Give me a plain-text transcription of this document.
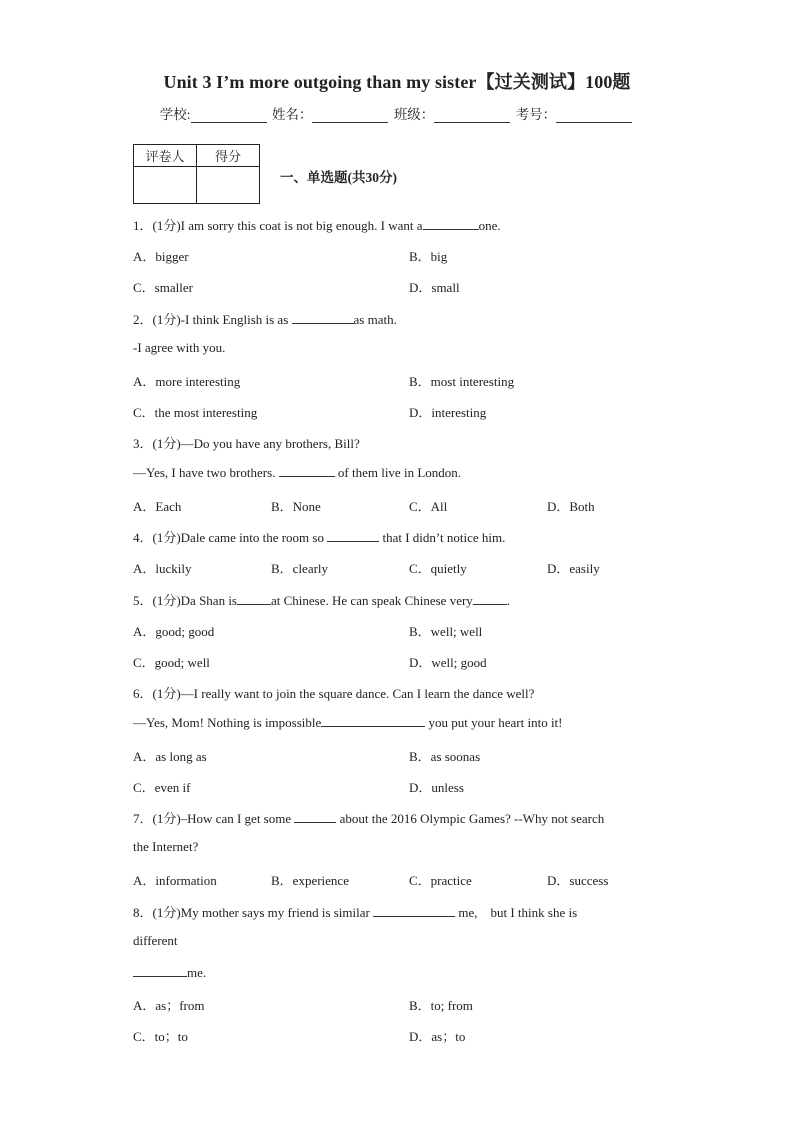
Unit 3 I’m more outgoing than my sister【过关测试】100题
学校:	姓名：	班级：	考号：
评卷人	得分

一、单选题(共30分)
1．(1分)I am sorry this coat is not big enough. I want a	one.
A．bigger	B．big
C．smaller	D．small
2．(1分)-I think English is as	as math.
-I agree with you.
A．more interesting	B．most interesting
C．the most interesting	D．interesting
3．(1分)—Do you have any brothers, Bill?
—Yes, I have two brothers.	of them live in London.
A．Each	B．None	C．All	D．Both
4．(1分)Dale came into the room so	that I didn’t notice him.
A．luckily	B．clearly	C．quietly	D．easily
5．(1分)Da Shan is	at Chinese. He can speak Chinese very	.
A．good; good	B．well; well
C．good; well	D．well; good
6．(1分)—I really want to join the square dance. Can I learn the dance well?
—Yes, Mom! Nothing is impossible	you put your heart into it!
A．as long as	B．as soonas
C．even if	D．unless
7．(1分)–How can I get some	about the 2016 Olympic Games? --Why not search
the Internet?
A．information	B．experience	C．practice	D．success
8．(1分)My mother says my friend is similar	me,　but I think she is
different
me.
A．as；from	B．to; from
C．to；to	D．as；to
